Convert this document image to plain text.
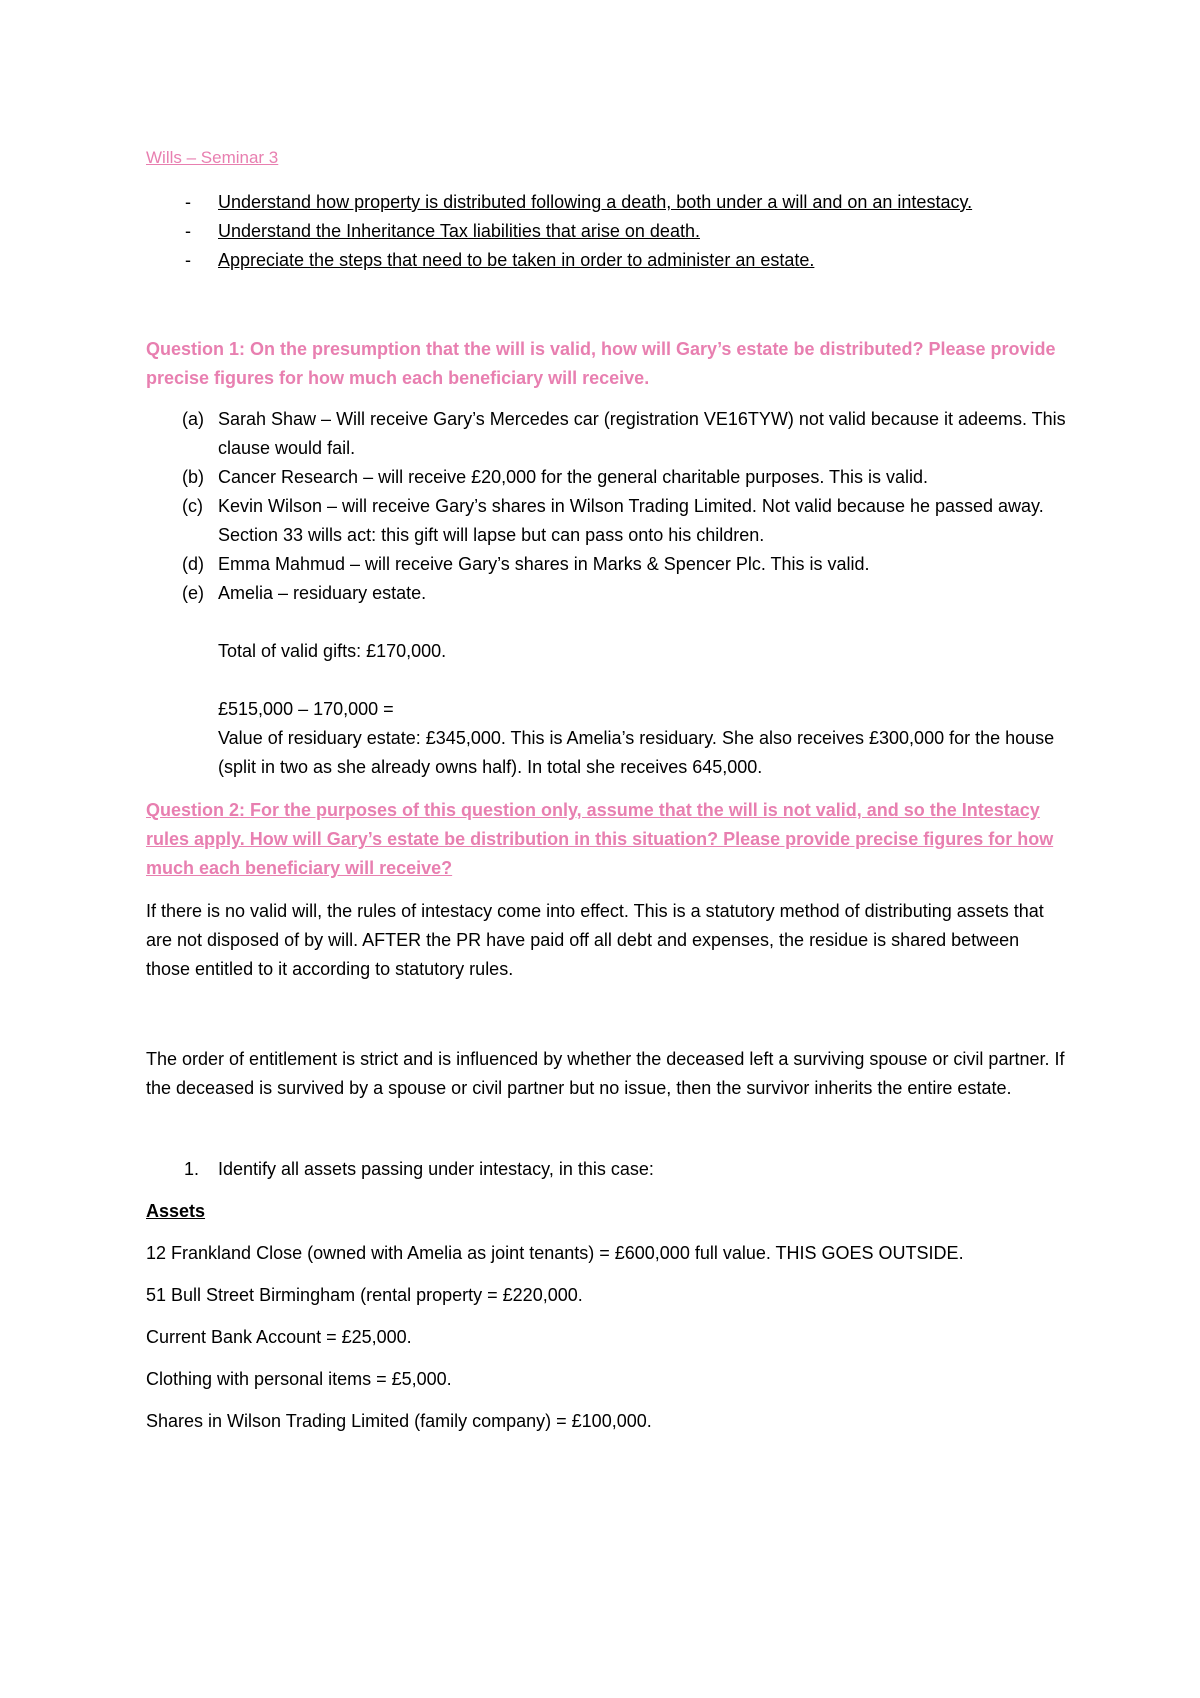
Wills – Seminar 3
- Understand how property is distributed following a death, both under a will and on an intestacy.
- Understand the Inheritance Tax liabilities that arise on death.
- Appreciate the steps that need to be taken in order to administer an estate.

Question 1: On the presumption that the will is valid, how will Gary’s estate be distributed? Please provide precise figures for how much each beneficiary will receive.

(a) Sarah Shaw – Will receive Gary’s Mercedes car (registration VE16TYW) not valid because it adeems. This clause would fail.
(b) Cancer Research – will receive £20,000 for the general charitable purposes. This is valid.
(c) Kevin Wilson – will receive Gary’s shares in Wilson Trading Limited. Not valid because he passed away. Section 33 wills act: this gift will lapse but can pass onto his children.
(d) Emma Mahmud – will receive Gary’s shares in Marks & Spencer Plc. This is valid.
(e) Amelia – residuary estate.

Total of valid gifts: £170,000.

£515,000 – 170,000 =

Value of residuary estate: £345,000. This is Amelia’s residuary. She also receives £300,000 for the house (split in two as she already owns half). In total she receives 645,000.

Question 2: For the purposes of this question only, assume that the will is not valid, and so the Intestacy rules apply. How will Gary’s estate be distribution in this situation? Please provide precise figures for how much each beneficiary will receive?

If there is no valid will, the rules of intestacy come into effect. This is a statutory method of distributing assets that are not disposed of by will. AFTER the PR have paid off all debt and expenses, the residue is shared between those entitled to it according to statutory rules.

The order of entitlement is strict and is influenced by whether the deceased left a surviving spouse or civil partner. If the deceased is survived by a spouse or civil partner but no issue, then the survivor inherits the entire estate.

1. Identify all assets passing under intestacy, in this case:

Assets

12 Frankland Close (owned with Amelia as joint tenants) = £600,000 full value. THIS GOES OUTSIDE.

51 Bull Street Birmingham (rental property = £220,000.

Current Bank Account = £25,000.

Clothing with personal items = £5,000.

Shares in Wilson Trading Limited (family company) = £100,000.
